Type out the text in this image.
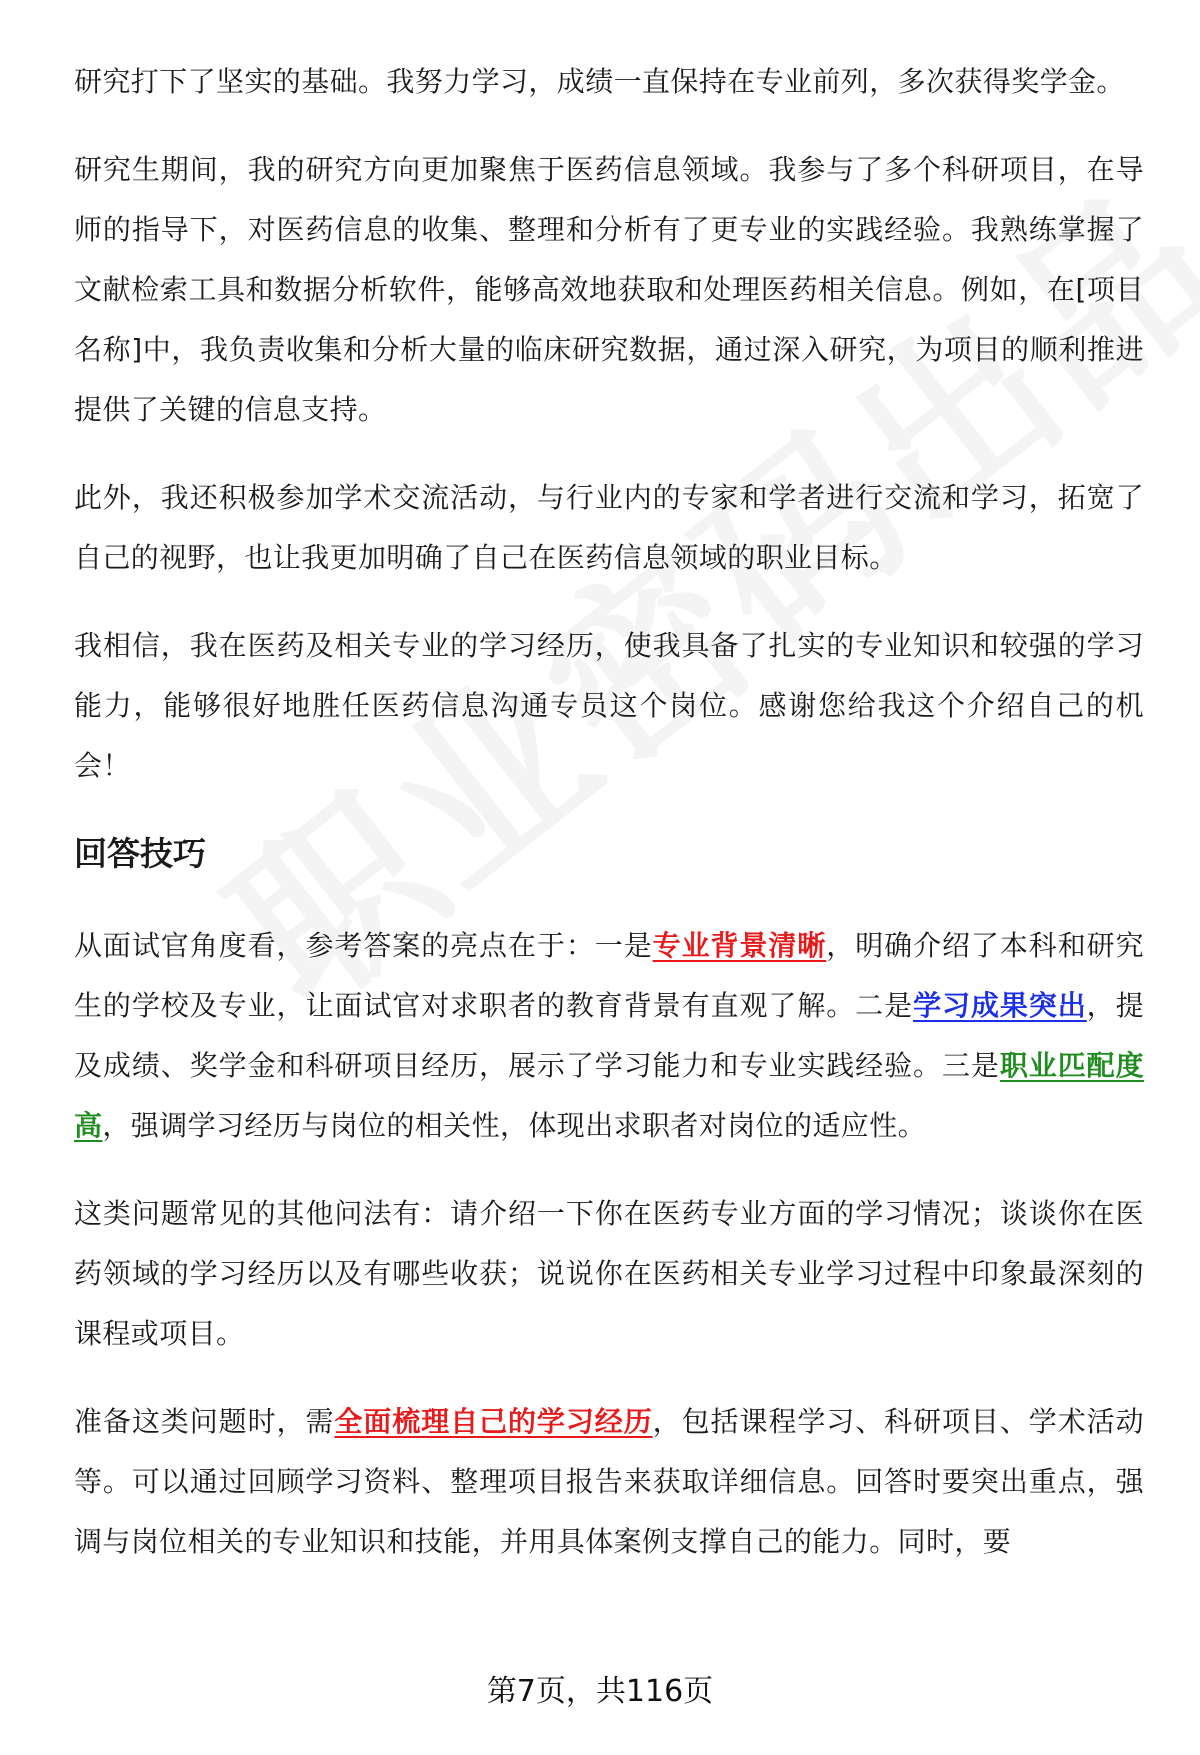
研究打下了坚实的基础。我努力学习，成绩一直保持在专业前列，多次获得奖学金。

研究生期间，我的研究方向更加聚焦于医药信息领域。我参与了多个科研项目，在导师的指导下，对医药信息的收集、整理和分析有了更专业的实践经验。我熟练掌握了文献检索工具和数据分析软件，能够高效地获取和处理医药相关信息。例如，在[项目名称]中，我负责收集和分析大量的临床研究数据，通过深入研究，为项目的顺利推进提供了关键的信息支持。

此外，我还积极参加学术交流活动，与行业内的专家和学者进行交流和学习，拓宽了自己的视野，也让我更加明确了自己在医药信息领域的职业目标。

我相信，我在医药及相关专业的学习经历，使我具备了扎实的专业知识和较强的学习能力，能够很好地胜任医药信息沟通专员这个岗位。感谢您给我这个介绍自己的机会！

回答技巧

从面试官角度看，参考答案的亮点在于：一是专业背景清晰，明确介绍了本科和研究生的学校及专业，让面试官对求职者的教育背景有直观了解。二是学习成果突出，提及成绩、奖学金和科研项目经历，展示了学习能力和专业实践经验。三是职业匹配度高，强调学习经历与岗位的相关性，体现出求职者对岗位的适应性。

这类问题常见的其他问法有：请介绍一下你在医药专业方面的学习情况；谈谈你在医药领域的学习经历以及有哪些收获；说说你在医药相关专业学习过程中印象最深刻的课程或项目。

准备这类问题时，需全面梳理自己的学习经历，包括课程学习、科研项目、学术活动等。可以通过回顾学习资料、整理项目报告来获取详细信息。回答时要突出重点，强调与岗位相关的专业知识和技能，并用具体案例支撑自己的能力。同时，要

第7页，共116页
